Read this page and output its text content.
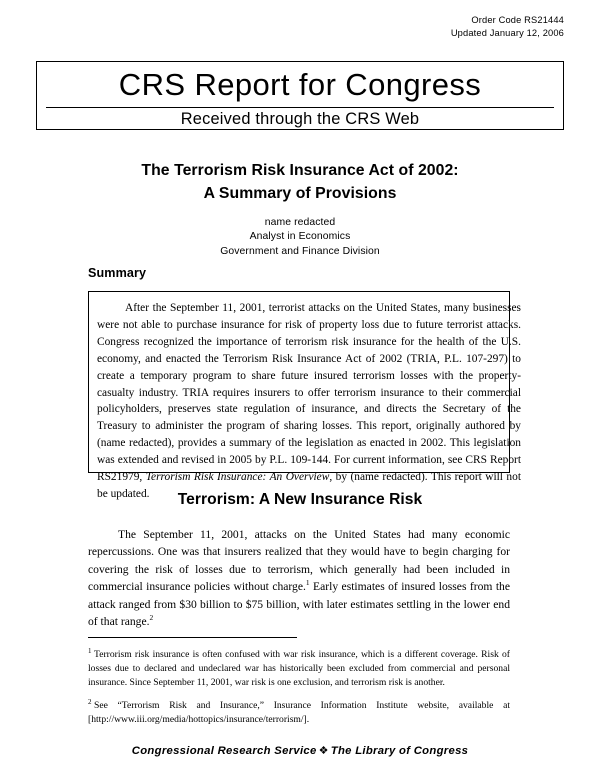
Order Code RS21444
Updated January 12, 2006
CRS Report for Congress
Received through the CRS Web
The Terrorism Risk Insurance Act of 2002:
A Summary of Provisions
name redacted
Analyst in Economics
Government and Finance Division
Summary
After the September 11, 2001, terrorist attacks on the United States, many businesses were not able to purchase insurance for risk of property loss due to future terrorist attacks. Congress recognized the importance of terrorism risk insurance for the health of the U.S. economy, and enacted the Terrorism Risk Insurance Act of 2002 (TRIA, P.L. 107-297) to create a temporary program to share future insured terrorism losses with the property-casualty industry. TRIA requires insurers to offer terrorism insurance to their commercial policyholders, preserves state regulation of insurance, and directs the Secretary of the Treasury to administer the program of sharing losses. This report, originally authored by (name redacted), provides a summary of the legislation as enacted in 2002. This legislation was extended and revised in 2005 by P.L. 109-144. For current information, see CRS Report RS21979, Terrorism Risk Insurance: An Overview, by (name redacted). This report will not be updated.	Terrorism: A New Insurance Risk
The September 11, 2001, attacks on the United States had many economic repercussions. One was that insurers realized that they would have to begin charging for covering the risk of losses due to terrorism, which generally had been included in commercial insurance policies without charge.$^1$ Early estimates of insured losses from the attack ranged from $30 billion to $75 billion, with later estimates settling in the lower end of that range.$^2$

$^1$ Terrorism risk insurance is often confused with war risk insurance, which is a different coverage. Risk of losses due to declared and undeclared war has historically been excluded from commercial and personal insurance. Since September 11, 2001, war risk is one exclusion, and terrorism risk is another.

$^2$ See “Terrorism Risk and Insurance,” Insurance Information Institute website, available at [http://www.iii.org/media/hottopics/insurance/terrorism/].

Congressional Research Service ❖ The Library of Congress
